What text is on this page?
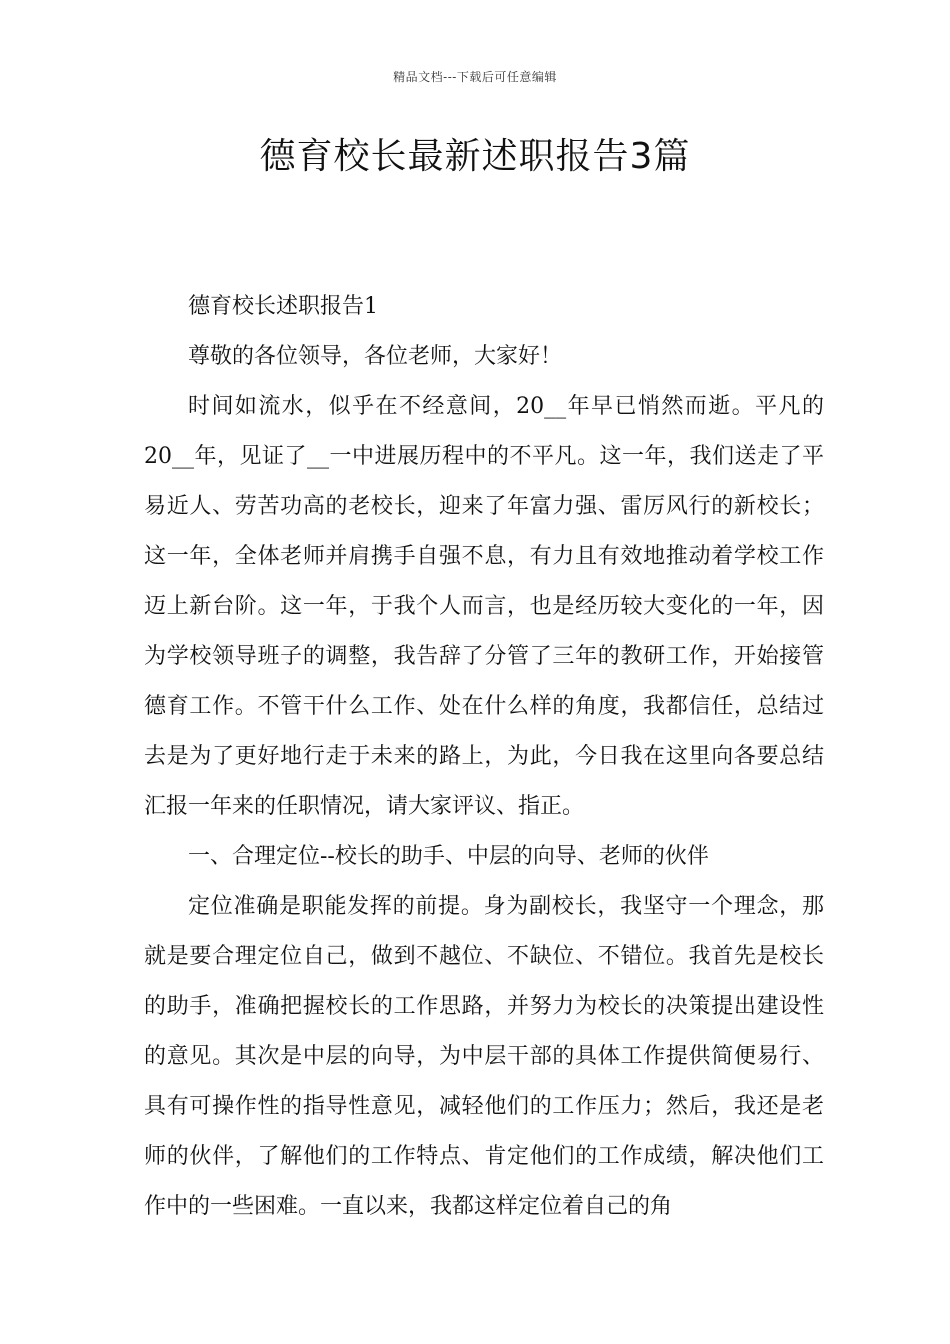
精品文档---下载后可任意编辑
德育校长最新述职报告3篇

德育校长述职报告1

尊敬的各位领导，各位老师，大家好！

时间如流水，似乎在不经意间，20__年早已悄然而逝。平凡的20__年，见证了__一中进展历程中的不平凡。这一年，我们送走了平易近人、劳苦功高的老校长，迎来了年富力强、雷厉风行的新校长；这一年，全体老师并肩携手自强不息，有力且有效地推动着学校工作迈上新台阶。这一年，于我个人而言，也是经历较大变化的一年，因为学校领导班子的调整，我告辞了分管了三年的教研工作，开始接管德育工作。不管干什么工作、处在什么样的角度，我都信任，总结过去是为了更好地行走于未来的路上，为此，今日我在这里向各要总结汇报一年来的任职情况，请大家评议、指正。

一、合理定位--校长的助手、中层的向导、老师的伙伴

定位准确是职能发挥的前提。身为副校长，我坚守一个理念，那就是要合理定位自己，做到不越位、不缺位、不错位。我首先是校长的助手，准确把握校长的工作思路，并努力为校长的决策提出建设性的意见。其次是中层的向导，为中层干部的具体工作提供简便易行、具有可操作性的指导性意见，减轻他们的工作压力；然后，我还是老师的伙伴，了解他们的工作特点、肯定他们的工作成绩，解决他们工作中的一些困难。一直以来，我都这样定位着自己的角
